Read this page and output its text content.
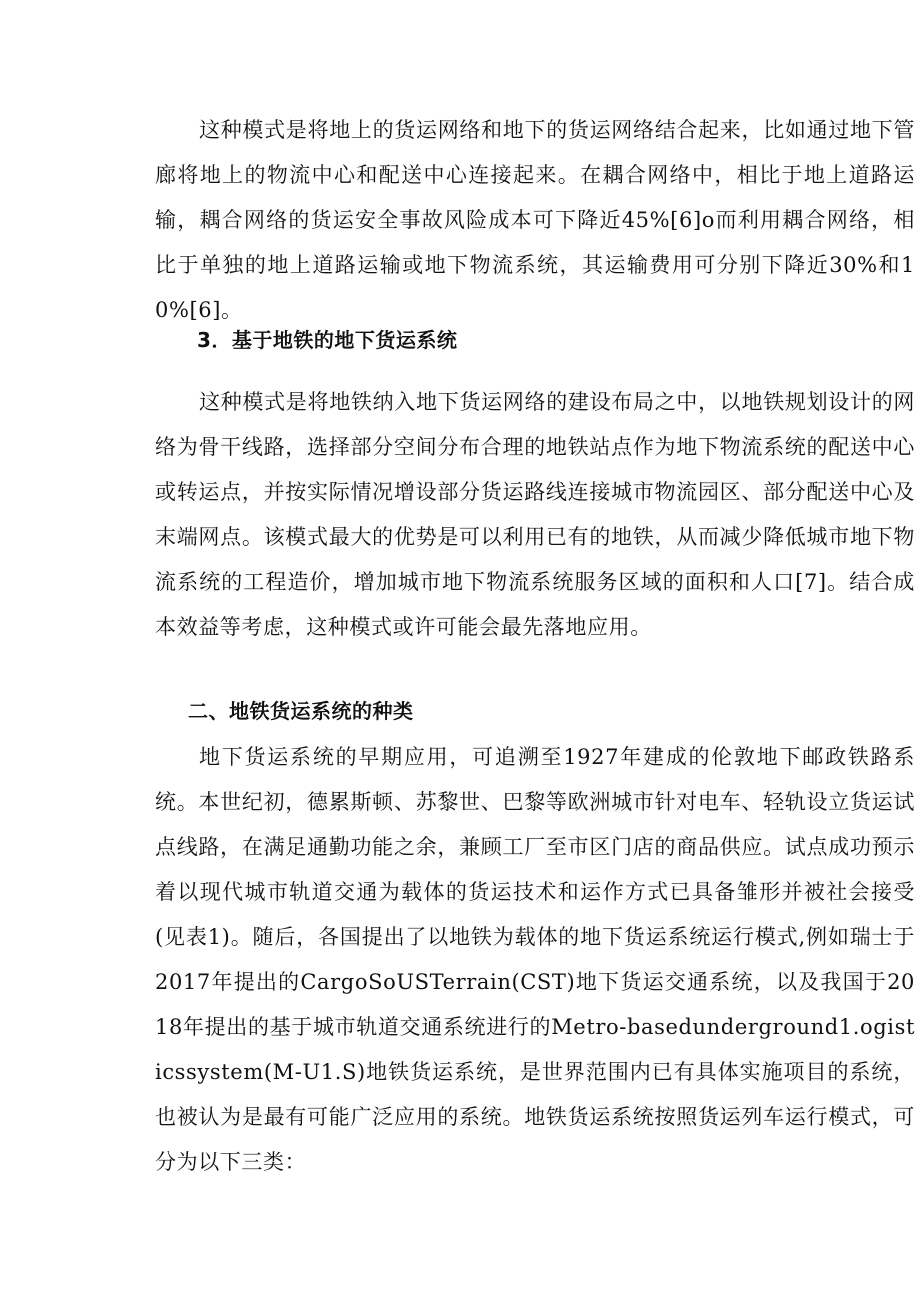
这种模式是将地上的货运网络和地下的货运网络结合起来，比如通过地下管廊将地上的物流中心和配送中心连接起来。在耦合网络中，相比于地上道路运输，耦合网络的货运安全事故风险成本可下降近45%[6]o而利用耦合网络，相比于单独的地上道路运输或地下物流系统，其运输费用可分别下降近30%和10%[6]。

3．基于地铁的地下货运系统

这种模式是将地铁纳入地下货运网络的建设布局之中，以地铁规划设计的网络为骨干线路，选择部分空间分布合理的地铁站点作为地下物流系统的配送中心或转运点，并按实际情况增设部分货运路线连接城市物流园区、部分配送中心及末端网点。该模式最大的优势是可以利用已有的地铁，从而减少降低城市地下物流系统的工程造价，增加城市地下物流系统服务区域的面积和人口[7]。结合成本效益等考虑，这种模式或许可能会最先落地应用。

二、地铁货运系统的种类

地下货运系统的早期应用，可追溯至1927年建成的伦敦地下邮政铁路系统。本世纪初，德累斯顿、苏黎世、巴黎等欧洲城市针对电车、轻轨设立货运试点线路，在满足通勤功能之余，兼顾工厂至市区门店的商品供应。试点成功预示着以现代城市轨道交通为载体的货运技术和运作方式已具备雏形并被社会接受(见表1)。随后，各国提出了以地铁为载体的地下货运系统运行模式,例如瑞士于2017年提出的CargoSoUSTerrain(CST)地下货运交通系统，以及我国于2018年提出的基于城市轨道交通系统进行的Metro-basedunderground1.ogisticssystem(M-U1.S)地铁货运系统，是世界范围内已有具体实施项目的系统，也被认为是最有可能广泛应用的系统。地铁货运系统按照货运列车运行模式，可分为以下三类：
